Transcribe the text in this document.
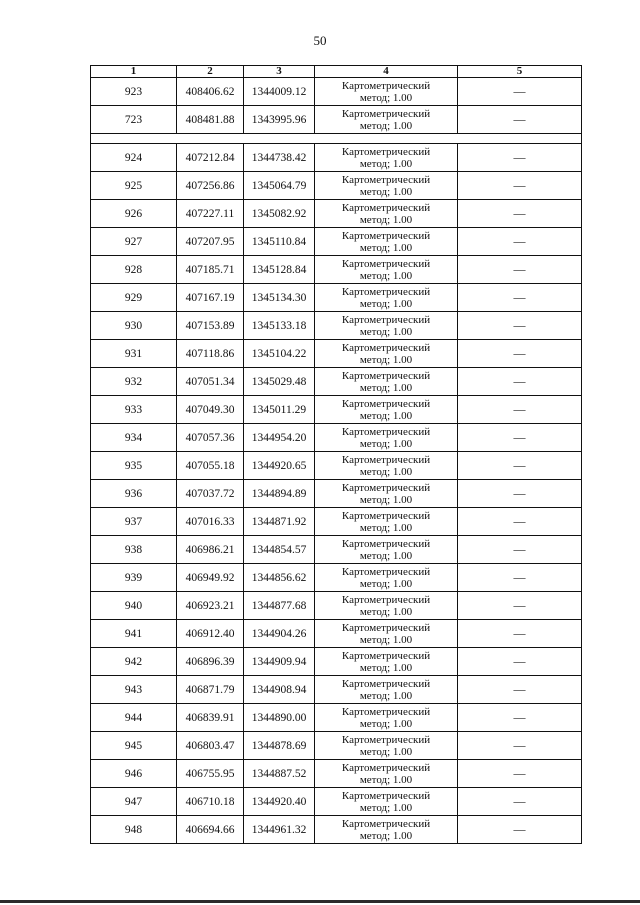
50
1	2	3	4	5
923	408406.62	1344009.12	Картометрический
метод; 1.00	—
723	408481.88	1343995.96	Картометрический
метод; 1.00	—

924	407212.84	1344738.42	Картометрический
метод; 1.00	—
925	407256.86	1345064.79	Картометрический
метод; 1.00	—
926	407227.11	1345082.92	Картометрический
метод; 1.00	—
927	407207.95	1345110.84	Картометрический
метод; 1.00	—
928	407185.71	1345128.84	Картометрический
метод; 1.00	—
929	407167.19	1345134.30	Картометрический
метод; 1.00	—
930	407153.89	1345133.18	Картометрический
метод; 1.00	—
931	407118.86	1345104.22	Картометрический
метод; 1.00	—
932	407051.34	1345029.48	Картометрический
метод; 1.00	—
933	407049.30	1345011.29	Картометрический
метод; 1.00	—
934	407057.36	1344954.20	Картометрический
метод; 1.00	—
935	407055.18	1344920.65	Картометрический
метод; 1.00	—
936	407037.72	1344894.89	Картометрический
метод; 1.00	—
937	407016.33	1344871.92	Картометрический
метод; 1.00	—
938	406986.21	1344854.57	Картометрический
метод; 1.00	—
939	406949.92	1344856.62	Картометрический
метод; 1.00	—
940	406923.21	1344877.68	Картометрический
метод; 1.00	—
941	406912.40	1344904.26	Картометрический
метод; 1.00	—
942	406896.39	1344909.94	Картометрический
метод; 1.00	—
943	406871.79	1344908.94	Картометрический
метод; 1.00	—
944	406839.91	1344890.00	Картометрический
метод; 1.00	—
945	406803.47	1344878.69	Картометрический
метод; 1.00	—
946	406755.95	1344887.52	Картометрический
метод; 1.00	—
947	406710.18	1344920.40	Картометрический
метод; 1.00	—
948	406694.66	1344961.32	Картометрический
метод; 1.00	—
